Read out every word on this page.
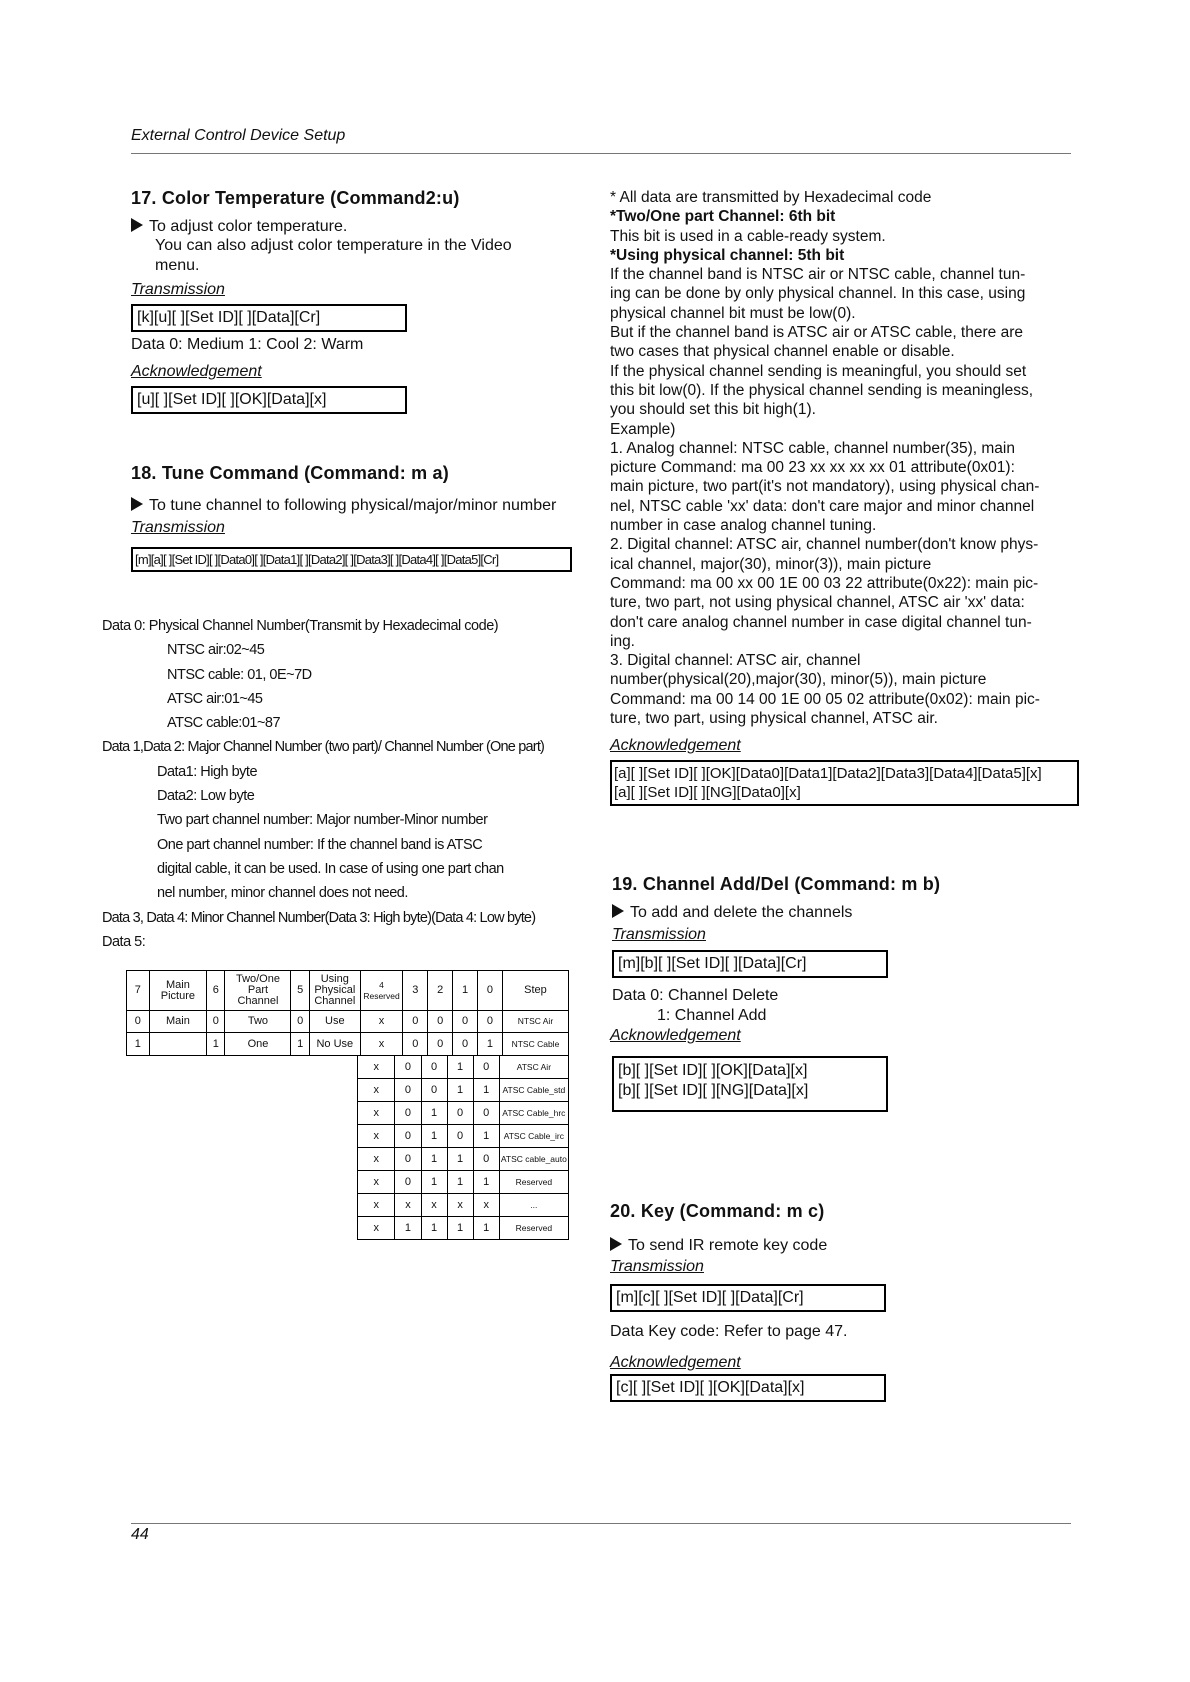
External Control Device Setup
17. Color Temperature (Command2:u)

To adjust color temperature.

You can also adjust color temperature in the Video

menu.

Transmission
[k][u][ ][Set ID][ ][Data][Cr]

Data 0: Medium 1: Cool 2: Warm

Acknowledgement
[u][ ][Set ID][ ][OK][Data][x]
18. Tune Command (Command: m a)

To tune channel to following physical/major/minor number

Transmission
[m][a][ ][Set ID][ ][Data0][ ][Data1][ ][Data2][ ][Data3][ ][Data4][ ][Data5][Cr]
Data 0: Physical Channel Number(Transmit by Hexadecimal code)
NTSC air:02~45
NTSC cable: 01, 0E~7D
ATSC air:01~45
ATSC cable:01~87
Data 1,Data 2: Major Channel Number (two part)/ Channel Number (One part)
Data1: High byte
Data2: Low byte
Two part channel number: Major number-Minor number
One part channel number: If the channel band is ATSC
digital cable, it can be used. In case of using one part chan
nel number, minor channel does not need.
Data 3, Data 4: Minor Channel Number(Data 3: High byte)(Data 4: Low byte)
Data 5:
7	Main Picture	6	Two/One Part Channel	5	Using Physical Channel	4 Reserved	3	2	1	0	Step
0	Main	0	Two	0	Use	x	0	0	0	0	NTSC Air
1		1	One	1	No Use	x	0	0	0	1	NTSC Cable
x	0	0	1	0	ATSC Air
x	0	0	1	1	ATSC Cable_std
x	0	1	0	0	ATSC Cable_hrc
x	0	1	0	1	ATSC Cable_irc
x	0	1	1	0	ATSC cable_auto
x	0	1	1	1	Reserved
x	x	x	x	x	...
x	1	1	1	1	Reserved
* All data are transmitted by Hexadecimal code
*Two/One part Channel: 6th bit
This bit is used in a cable-ready system.
*Using physical channel: 5th bit
If the channel band is NTSC air or NTSC cable, channel tun-
ing can be done by only physical channel. In this case, using
physical channel bit must be low(0).
But if the channel band is ATSC air or ATSC cable, there are
two cases that physical channel enable or disable.
If the physical channel sending is meaningful, you should set
this bit low(0). If the physical channel sending is meaningless,
you should set this bit high(1).
Example)
1. Analog channel: NTSC cable, channel number(35), main
picture Command: ma 00 23 xx xx xx xx 01 attribute(0x01):
main picture, two part(it's not mandatory), using physical chan-
nel, NTSC cable 'xx' data: don't care major and minor channel
number in case analog channel tuning.
2. Digital channel: ATSC air, channel number(don't know phys-
ical channel, major(30), minor(3)), main picture
Command: ma 00 xx 00 1E 00 03 22 attribute(0x22): main pic-
ture, two part, not using physical channel, ATSC air 'xx' data:
don't care analog channel number in case digital channel tun-
ing.
3. Digital channel: ATSC air, channel
number(physical(20),major(30), minor(5)), main picture
Command: ma 00 14 00 1E 00 05 02 attribute(0x02): main pic-
ture, two part, using physical channel, ATSC air.
Acknowledgement
[a][ ][Set ID][ ][OK][Data0][Data1][Data2][Data3][Data4][Data5][x]
[a][ ][Set ID][ ][NG][Data0][x]
19. Channel Add/Del (Command: m b)

To add and delete the channels

Transmission
[m][b][ ][Set ID][ ][Data][Cr]

Data 0: Channel Delete

1: Channel Add

Acknowledgement
[b][ ][Set ID][ ][OK][Data][x]
[b][ ][Set ID][ ][NG][Data][x]
20. Key (Command: m c)

To send IR remote key code

Transmission
[m][c][ ][Set ID][ ][Data][Cr]

Data Key code: Refer to page 47.

Acknowledgement
[c][ ][Set ID][ ][OK][Data][x]
44
